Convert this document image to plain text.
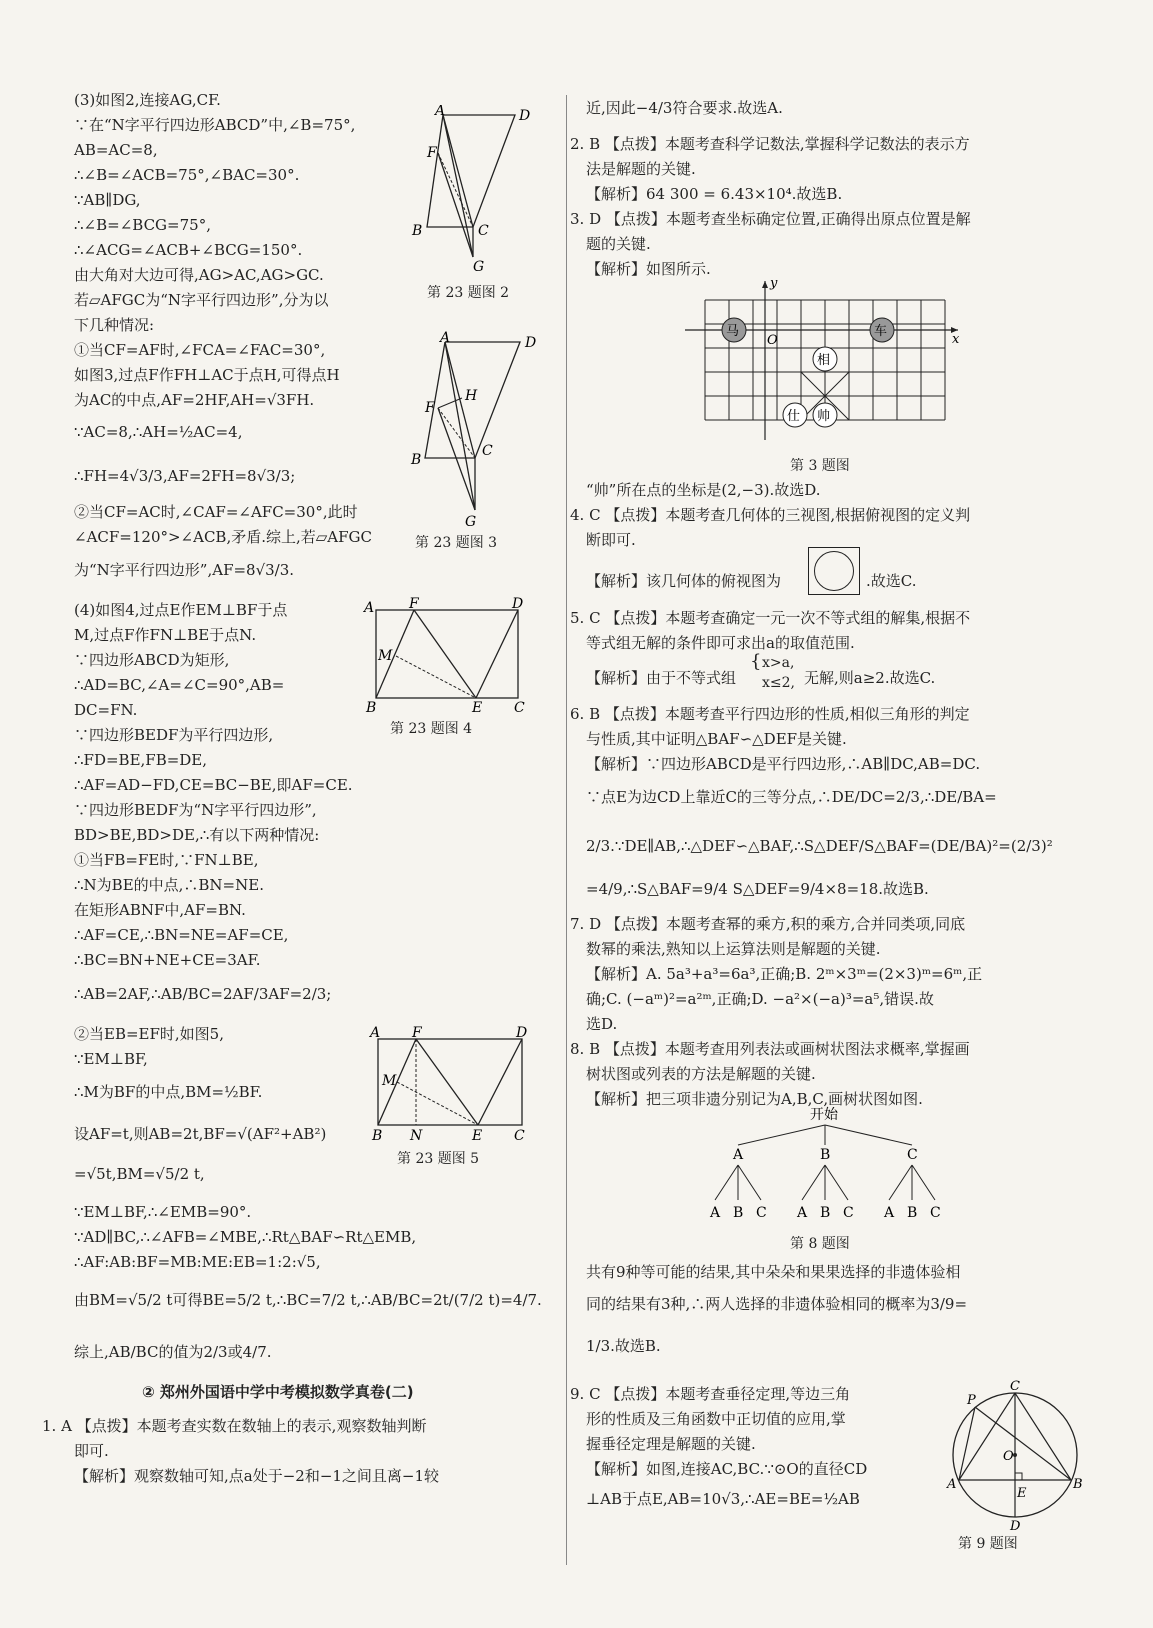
(3)如图2,连接AG,CF.
∵在“N字平行四边形ABCD”中,∠B=75°,
AB=AC=8,
∴∠B=∠ACB=75°,∠BAC=30°.
∵AB∥DG,
∴∠B=∠BCG=75°,
∴∠ACG=∠ACB+∠BCG=150°.
由大角对大边可得,AG>AC,AG>GC.
若▱AFGC为“N字平行四边形”,分为以
下几种情况:
①当CF=AF时,∠FCA=∠FAC=30°,
如图3,过点F作FH⊥AC于点H,可得点H
为AC的中点,AF=2HF,AH=√3FH.
∵AC=8,∴AH=½AC=4,
∴FH=4√3/3,AF=2FH=8√3/3;
②当CF=AC时,∠CAF=∠AFC=30°,此时
∠ACF=120°>∠ACB,矛盾.综上,若▱AFGC
为“N字平行四边形”,AF=8√3/3.
(4)如图4,过点E作EM⊥BF于点
M,过点F作FN⊥BE于点N.
∵四边形ABCD为矩形,
∴AD=BC,∠A=∠C=90°,AB=
DC=FN.
∵四边形BEDF为平行四边形,
∴FD=BE,FB=DE,
∴AF=AD−FD,CE=BC−BE,即AF=CE.
∵四边形BEDF为“N字平行四边形”,
BD>BE,BD>DE,∴有以下两种情况:
①当FB=FE时,∵FN⊥BE,
∴N为BE的中点,∴BN=NE.
在矩形ABNF中,AF=BN.
∴AF=CE,∴BN=NE=AF=CE,
∴BC=BN+NE+CE=3AF.
∴AB=2AF,∴AB/BC=2AF/3AF=2/3;
②当EB=EF时,如图5,
∵EM⊥BF,
∴M为BF的中点,BM=½BF.
设AF=t,则AB=2t,BF=√(AF²+AB²)
=√5t,BM=√5/2 t,
∵EM⊥BF,∴∠EMB=90°.
∵AD∥BC,∴∠AFB=∠MBE,∴Rt△BAF∽Rt△EMB,
∴AF:AB:BF=MB:ME:EB=1:2:√5,
由BM=√5/2 t可得BE=5/2 t,∴BC=7/2 t,∴AB/BC=2t/(7/2 t)=4/7.
综上,AB/BC的值为2/3或4/7.
② 郑州外国语中学中考模拟数学真卷(二)
1. A 【点拨】本题考查实数在数轴上的表示,观察数轴判断
即可.
【解析】观察数轴可知,点a处于−2和−1之间且离−1较
A	D
F
B	C
G
第 23 题图 2
A	D
H
F
B
C
G
第 23 题图 3
A F	D
M
B	E C
第 23 题图 4
A F	D
M
B N	E C
第 23 题图 5
近,因此−4/3符合要求.故选A.
2. B 【点拨】本题考查科学记数法,掌握科学记数法的表示方
法是解题的关键.
【解析】64 300 = 6.43×10⁴.故选B.
3. D 【点拨】本题考查坐标确定位置,正确得出原点位置是解
题的关键.
【解析】如图所示.
第 3 题图
“帅”所在点的坐标是(2,−3).故选D.
4. C 【点拨】本题考查几何体的三视图,根据俯视图的定义判
断即可.
【解析】该几何体的俯视图为	.故选C.
5. C 【点拨】本题考查确定一元一次不等式组的解集,根据不
等式组无解的条件即可求出a的取值范围.
【解析】由于不等式组
{ x>a,
x≤2, 无解,则a≥2.故选C.
6. B 【点拨】本题考查平行四边形的性质,相似三角形的判定
与性质,其中证明△BAF∽△DEF是关键.
【解析】∵四边形ABCD是平行四边形,∴AB∥DC,AB=DC.
∵点E为边CD上靠近C的三等分点,∴DE/DC=2/3,∴DE/BA=
2/3.∵DE∥AB,∴△DEF∽△BAF,∴S△DEF/S△BAF=(DE/BA)²=(2/3)²
=4/9,∴S△BAF=9/4 S△DEF=9/4×8=18.故选B.
7. D 【点拨】本题考查幂的乘方,积的乘方,合并同类项,同底
数幂的乘法,熟知以上运算法则是解题的关键.
【解析】A. 5a³+a³=6a³,正确;B. 2ᵐ×3ᵐ=(2×3)ᵐ=6ᵐ,正
确;C. (−aᵐ)²=a²ᵐ,正确;D. −a²×(−a)³=a⁵,错误.故
选D.
8. B 【点拨】本题考查用列表法或画树状图法求概率,掌握画
树状图或列表的方法是解题的关键.
【解析】把三项非遗分别记为A,B,C,画树状图如图.
第 8 题图
共有9种等可能的结果,其中朵朵和果果选择的非遗体验相
同的结果有3种,∴两人选择的非遗体验相同的概率为3/9=
1/3.故选B.
9. C 【点拨】本题考查垂径定理,等边三角
形的性质及三角函数中正切值的应用,掌
握垂径定理是解题的关键.
【解析】如图,连接AC,BC.∵⊙O的直径CD
⊥AB于点E,AB=10√3,∴AE=BE=½AB
第 9 题图
x
y
O
马	车
相
仕 帅
开始
A	B	C
A B C A B C A B C
P
C
O
E
A	B
D
